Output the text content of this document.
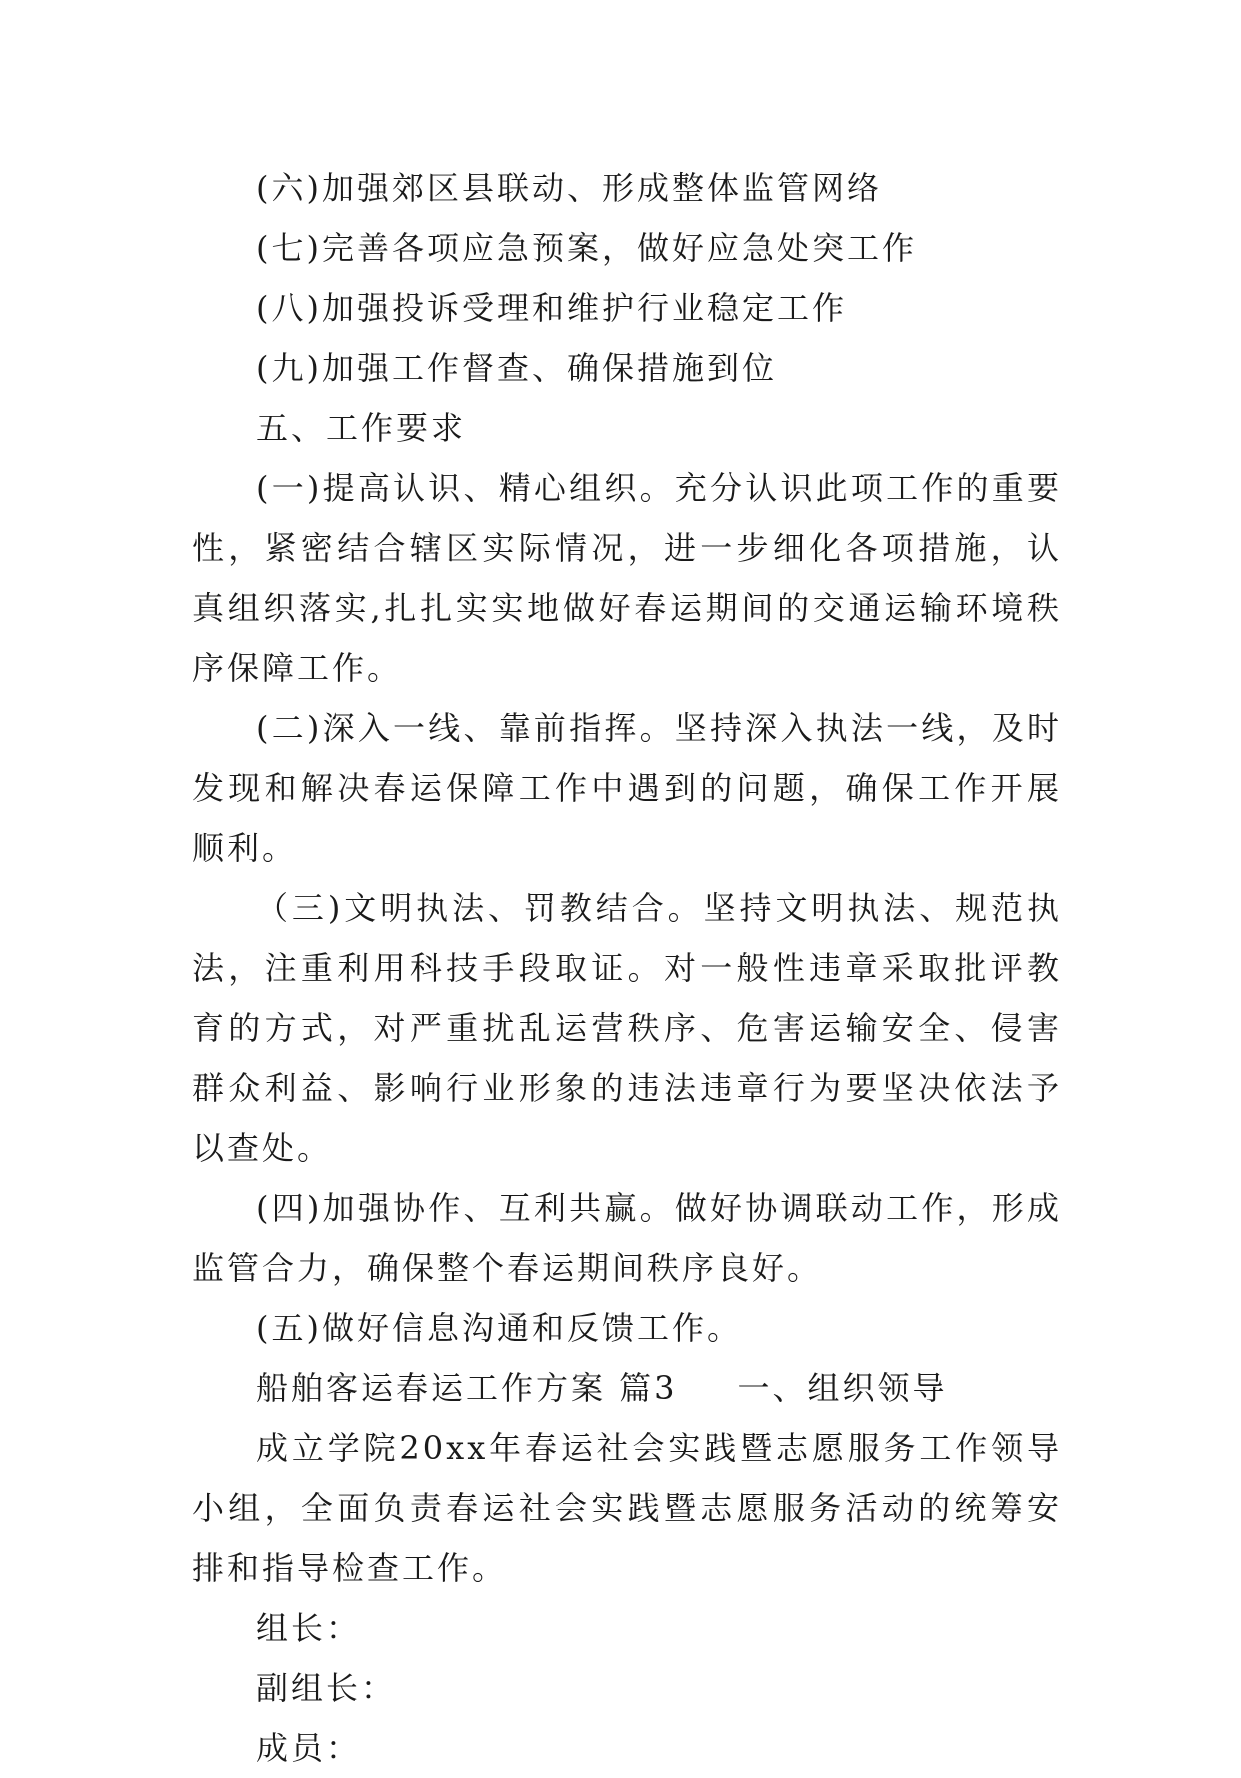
(六)加强郊区县联动、形成整体监管网络

(七)完善各项应急预案，做好应急处突工作

(八)加强投诉受理和维护行业稳定工作

(九)加强工作督查、确保措施到位

五、工作要求

(一)提高认识、精心组织。充分认识此项工作的重要性，紧密结合辖区实际情况，进一步细化各项措施，认真组织落实,扎扎实实地做好春运期间的交通运输环境秩序保障工作。

(二)深入一线、靠前指挥。坚持深入执法一线，及时发现和解决春运保障工作中遇到的问题，确保工作开展顺利。

（三)文明执法、罚教结合。坚持文明执法、规范执法，注重利用科技手段取证。对一般性违章采取批评教育的方式，对严重扰乱运营秩序、危害运输安全、侵害群众利益、影响行业形象的违法违章行为要坚决依法予以查处。

(四)加强协作、互利共赢。做好协调联动工作，形成监管合力，确保整个春运期间秩序良好。

(五)做好信息沟通和反馈工作。

船舶客运春运工作方案 篇3 一、组织领导

成立学院20xx年春运社会实践暨志愿服务工作领导小组，全面负责春运社会实践暨志愿服务活动的统筹安排和指导检查工作。

组长：

副组长：

成员：
